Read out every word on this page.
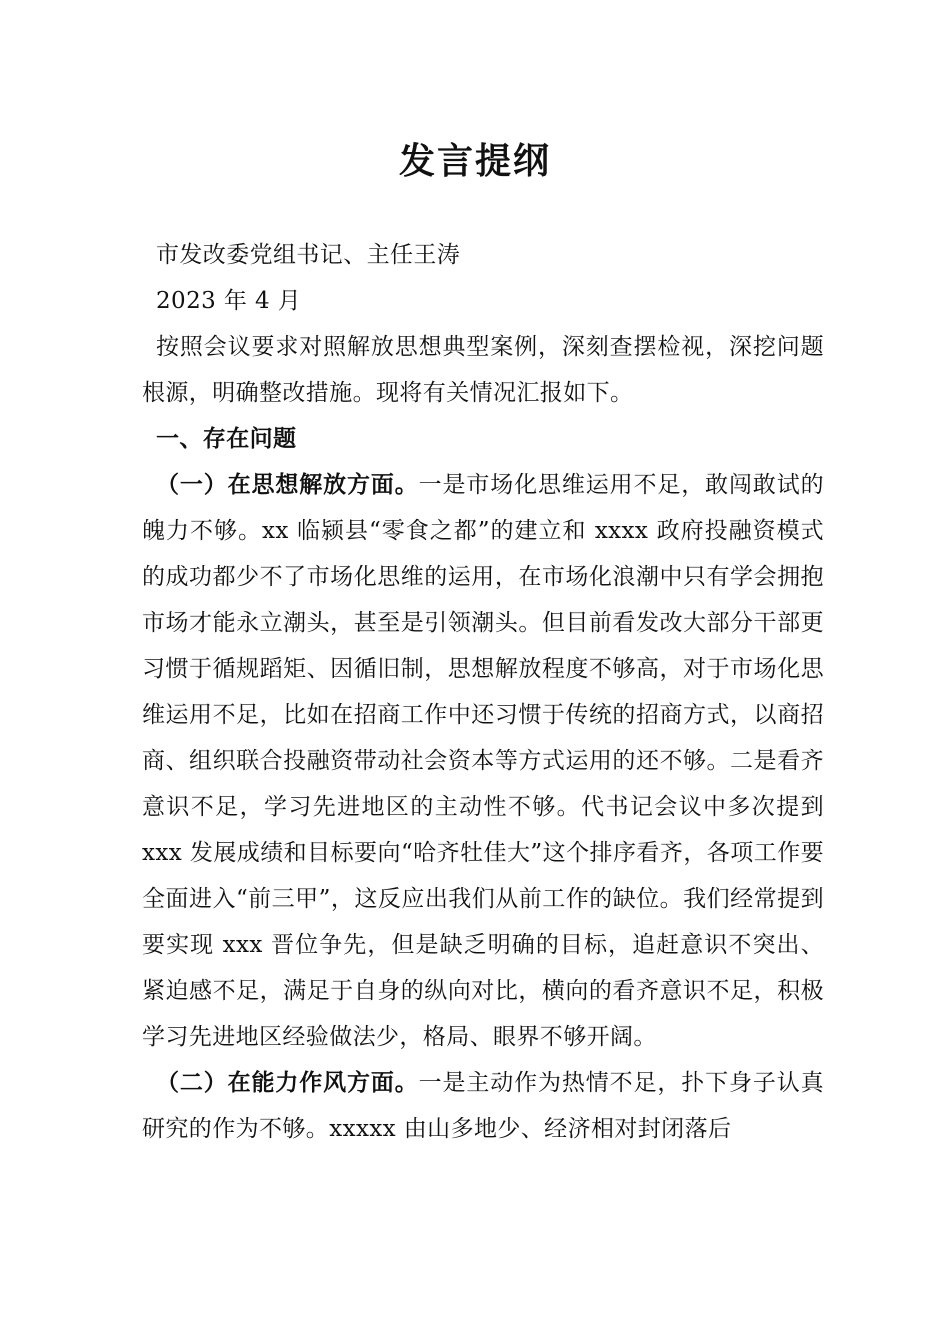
发言提纲

市发改委党组书记、主任王涛

2023 年 4 月

按照会议要求对照解放思想典型案例，深刻查摆检视，深挖问题根源，明确整改措施。现将有关情况汇报如下。

一、存在问题

（一）在思想解放方面。一是市场化思维运用不足，敢闯敢试的魄力不够。xx 临颍县“零食之都”的建立和 xxxx 政府投融资模式的成功都少不了市场化思维的运用，在市场化浪潮中只有学会拥抱市场才能永立潮头，甚至是引领潮头。但目前看发改大部分干部更习惯于循规蹈矩、因循旧制，思想解放程度不够高，对于市场化思维运用不足，比如在招商工作中还习惯于传统的招商方式，以商招商、组织联合投融资带动社会资本等方式运用的还不够。二是看齐意识不足，学习先进地区的主动性不够。代书记会议中多次提到 xxx 发展成绩和目标要向“哈齐牡佳大”这个排序看齐，各项工作要全面进入“前三甲”，这反应出我们从前工作的缺位。我们经常提到要实现 xxx 晋位争先，但是缺乏明确的目标，追赶意识不突出、紧迫感不足，满足于自身的纵向对比，横向的看齐意识不足，积极学习先进地区经验做法少，格局、眼界不够开阔。

（二）在能力作风方面。一是主动作为热情不足，扑下身子认真研究的作为不够。xxxxx 由山多地少、经济相对封闭落后
